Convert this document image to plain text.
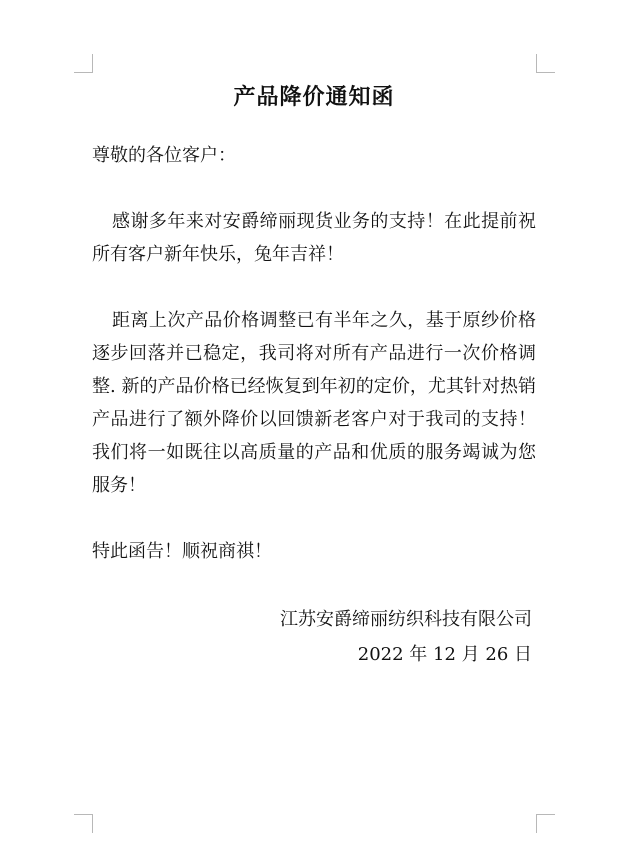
产品降价通知函
尊敬的各位客户：
感谢多年来对安爵缔丽现货业务的支持！在此提前祝所有客户新年快乐，兔年吉祥！
距离上次产品价格调整已有半年之久，基于原纱价格逐步回落并已稳定，我司将对所有产品进行一次价格调整. 新的产品价格已经恢复到年初的定价，尤其针对热销产品进行了额外降价以回馈新老客户对于我司的支持！我们将一如既往以高质量的产品和优质的服务竭诚为您服务！
特此函告！顺祝商祺！
江苏安爵缔丽纺织科技有限公司
2022 年 12 月 26 日
